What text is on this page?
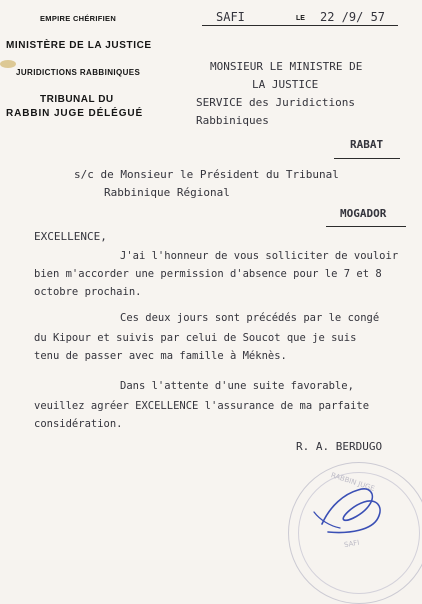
EMPIRE CHÉRIFIEN
MINISTÈRE DE LA JUSTICE
JURIDICTIONS RABBINIQUES
TRIBUNAL DU
RABBIN JUGE DÉLÉGUÉ
SAFI	LE 22 /9/ 57
MONSIEUR LE MINISTRE DE
LA JUSTICE
SERVICE des Juridictions
Rabbiniques
RABAT
s/c de Monsieur le Président du Tribunal
Rabbinique Régional
MOGADOR
EXCELLENCE,
J'ai l'honneur de vous solliciter de vouloir
bien m'accorder une permission d'absence pour le 7 et 8
octobre prochain.
Ces deux jours sont précédés par le congé
du Kipour et suivis par celui de Soucot que je suis
tenu de passer avec ma famille à Méknès.
Dans l'attente d'une suite favorable,
veuillez agréer EXCELLENCE l'assurance de ma parfaite
considération.
R. A. BERDUGO
RABBIN JUGE
SAFI
